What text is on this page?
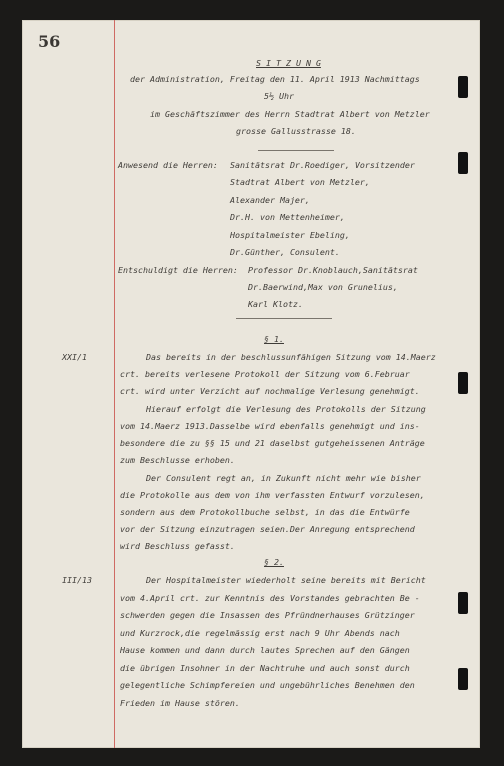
56

S I T Z U N G

der Administration, Freitag den 11. April 1913 Nachmittags

5½ Uhr

im Geschäftszimmer des Herrn Stadtrat Albert von Metzler

grosse Gallusstrasse 18.

Anwesend die Herren: Sanitätsrat Dr.Roediger, Vorsitzender

Stadtrat Albert von Metzler,

Alexander Majer,

Dr.H. von Mettenheimer,

Hospitalmeister Ebeling,

Dr.Günther, Consulent.

Entschuldigt die Herren: Professor Dr.Knoblauch,Sanitätsrat

Dr.Baerwind,Max von Grunelius,

Karl Klotz.

§ 1.

XXI/1	Das bereits in der beschlussunfähigen Sitzung vom 14.Maerz

crt. bereits verlesene Protokoll der Sitzung vom 6.Februar

crt. wird unter Verzicht auf nochmalige Verlesung genehmigt.

Hierauf erfolgt die Verlesung des Protokolls der Sitzung

vom 14.Maerz 1913.Dasselbe wird ebenfalls genehmigt und ins-

besondere die zu §§ 15 und 21 daselbst gutgeheissenen Anträge

zum Beschlusse erhoben.

Der Consulent regt an, in Zukunft nicht mehr wie bisher

die Protokolle aus dem von ihm verfassten Entwurf vorzulesen,

sondern aus dem Protokollbuche selbst, in das die Entwürfe

vor der Sitzung einzutragen seien.Der Anregung entsprechend

wird Beschluss gefasst.

§ 2.

III/13	Der Hospitalmeister wiederholt seine bereits mit Bericht

vom 4.April crt. zur Kenntnis des Vorstandes gebrachten Be -

schwerden gegen die Insassen des Pfründnerhauses Grützinger

und Kurzrock,die regelmässig erst nach 9 Uhr Abends nach

Hause kommen und dann durch lautes Sprechen auf den Gängen

die übrigen Insohner in der Nachtruhe und auch sonst durch

gelegentliche Schimpfereien und ungebührliches Benehmen den

Frieden im Hause stören.
